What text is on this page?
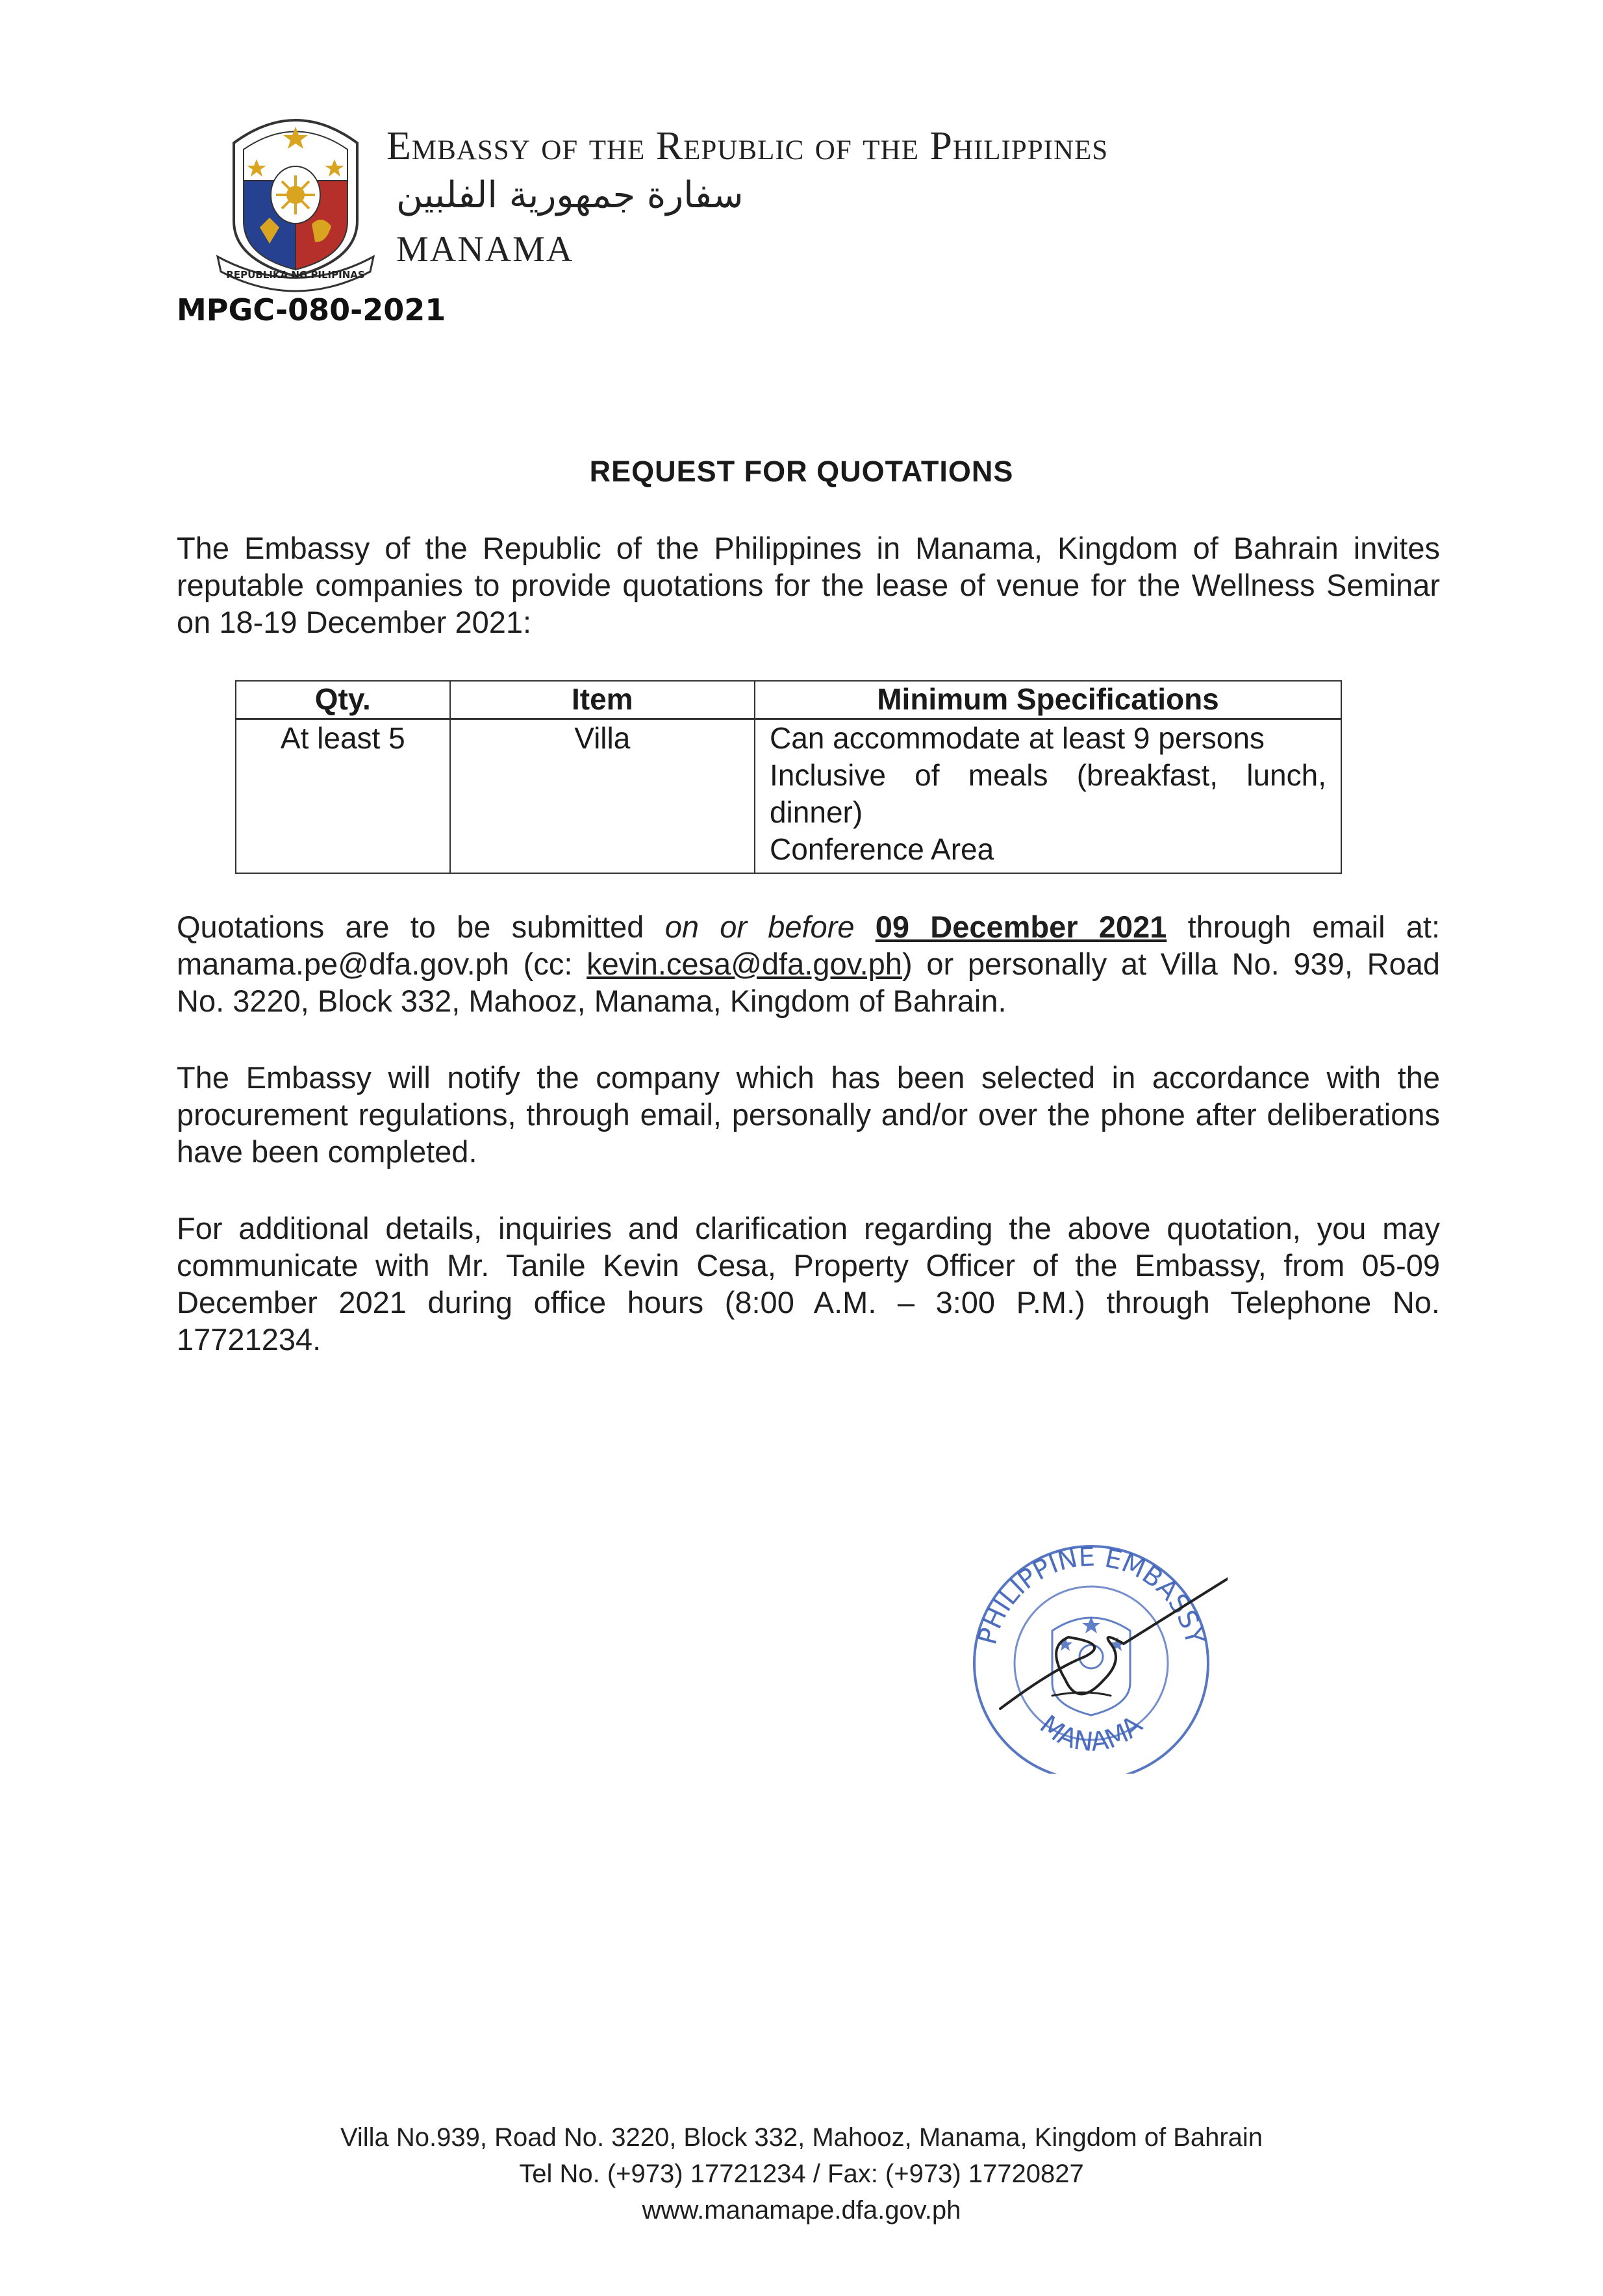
REPUBLIKA NG PILIPINAS
Embassy of the Republic of the Philippines
سفارة جمهورية الفلبين
MANAMA
MPGC-080-2021
REQUEST FOR QUOTATIONS
The Embassy of the Republic of the Philippines in Manama, Kingdom of Bahrain invites reputable companies to provide quotations for the lease of venue for the Wellness Seminar on 18-19 December 2021:
Qty.	Item	Minimum Specifications
At least 5	Villa	Can accommodate at least 9 persons
Inclusive of meals (breakfast, lunch, dinner)
Conference Area
Quotations are to be submitted on or before 09 December 2021 through email at: manama.pe@dfa.gov.ph (cc: kevin.cesa@dfa.gov.ph) or personally at Villa No. 939, Road No. 3220, Block 332, Mahooz, Manama, Kingdom of Bahrain.
The Embassy will notify the company which has been selected in accordance with the procurement regulations, through email, personally and/or over the phone after deliberations have been completed.
For additional details, inquiries and clarification regarding the above quotation, you may communicate with Mr. Tanile Kevin Cesa, Property Officer of the Embassy, from 05-09 December 2021 during office hours (8:00 A.M. – 3:00 P.M.) through Telephone No. 17721234.
PHILIPPINE EMBASSY
MANAMA
Villa No.939, Road No. 3220, Block 332, Mahooz, Manama, Kingdom of Bahrain
Tel No. (+973) 17721234 / Fax: (+973) 17720827
www.manamape.dfa.gov.ph
